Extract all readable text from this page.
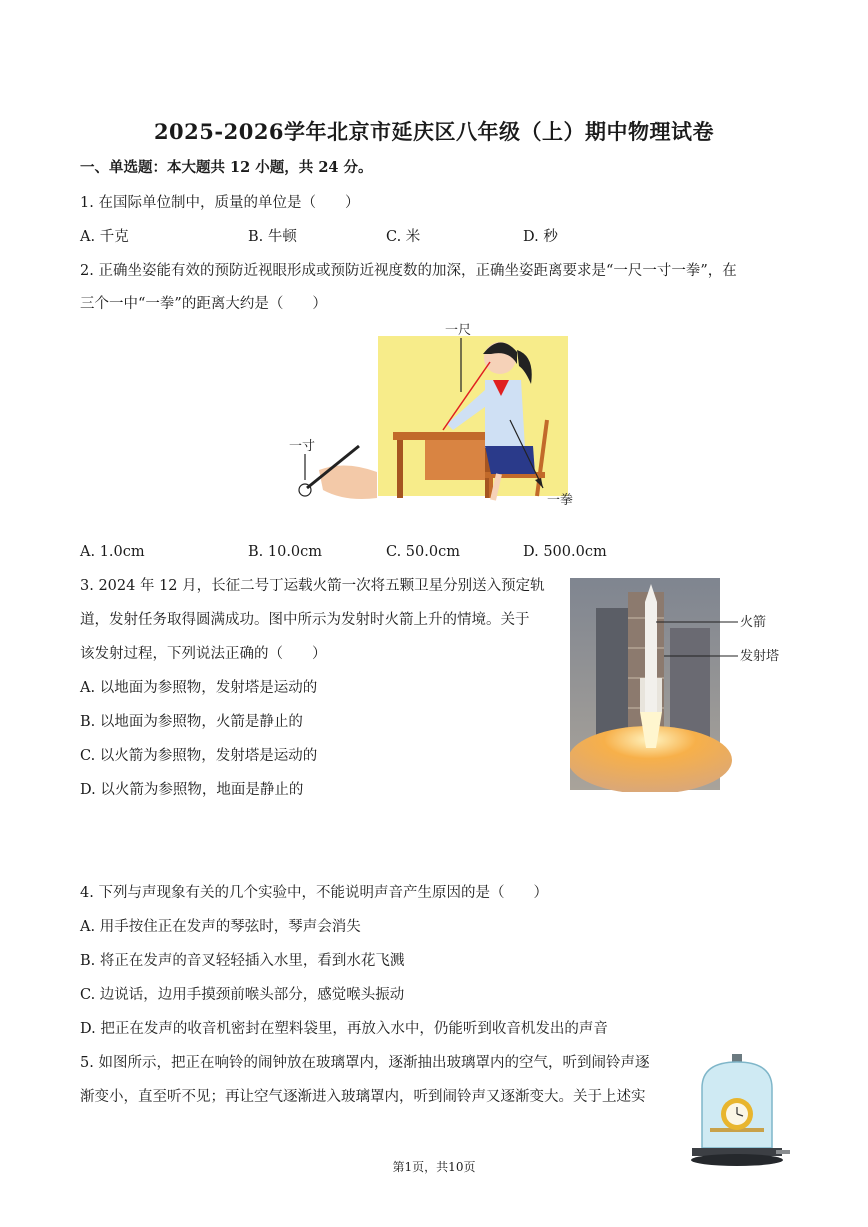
2025-2026学年北京市延庆区八年级（上）期中物理试卷
一、单选题：本大题共 12 小题，共 24 分。
1. 在国际单位制中，质量的单位是（　　）
A. 千克	B. 牛顿	C. 米	D. 秒
2. 正确坐姿能有效的预防近视眼形成或预防近视度数的加深，正确坐姿距离要求是“一尺一寸一拳”，在
三个一中“一拳”的距离大约是（　　）
一尺
一拳
一寸
A. 1.0cm	B. 10.0cm	C. 50.0cm	D. 500.0cm
3. 2024 年 12 月，长征二号丁运载火箭一次将五颗卫星分别送入预定轨
道，发射任务取得圆满成功。图中所示为发射时火箭上升的情境。关于
该发射过程，下列说法正确的（　　）
A. 以地面为参照物，发射塔是运动的
B. 以地面为参照物，火箭是静止的
C. 以火箭为参照物，发射塔是运动的
D. 以火箭为参照物，地面是静止的
火箭
发射塔
4. 下列与声现象有关的几个实验中，不能说明声音产生原因的是（　　）
A. 用手按住正在发声的琴弦时，琴声会消失
B. 将正在发声的音叉轻轻插入水里，看到水花飞溅
C. 边说话，边用手摸颈前喉头部分，感觉喉头振动
D. 把正在发声的收音机密封在塑料袋里，再放入水中，仍能听到收音机发出的声音
5. 如图所示，把正在响铃的闹钟放在玻璃罩内，逐渐抽出玻璃罩内的空气，听到闹铃声逐
渐变小，直至听不见；再让空气逐渐进入玻璃罩内，听到闹铃声又逐渐变大。关于上述实
第1页，共10页
